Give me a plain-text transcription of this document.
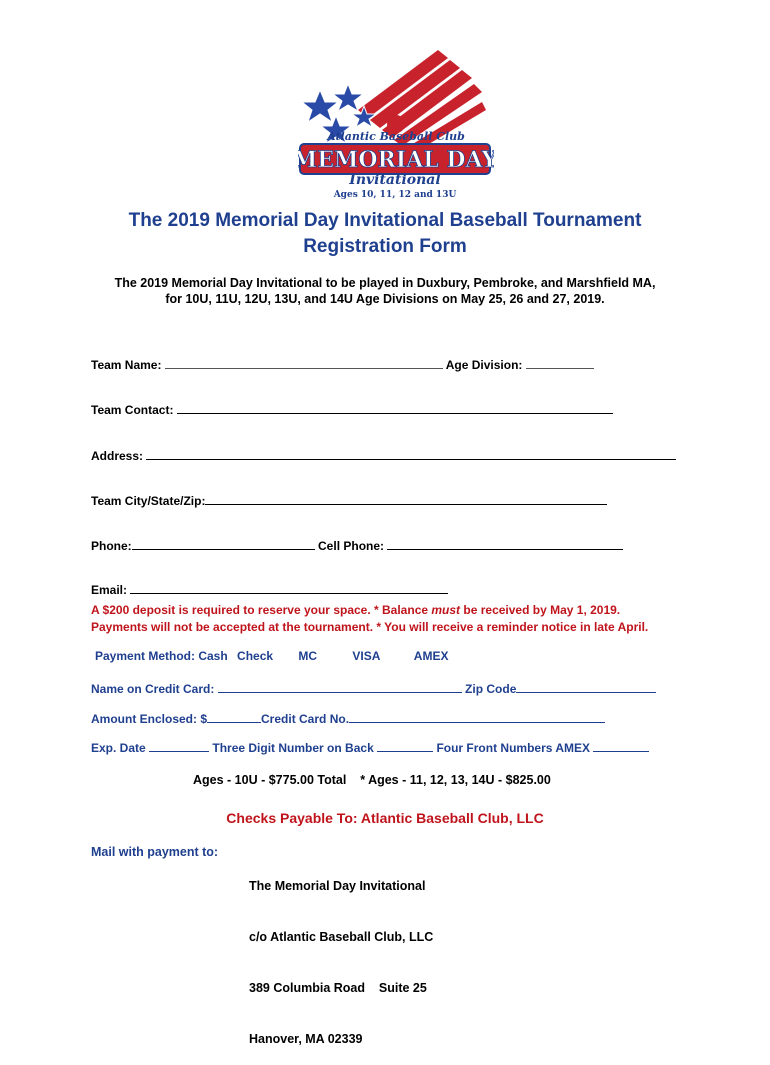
Atlantic Baseball Club
MEMORIAL DAY
Invitational
Ages 10, 11, 12 and 13U
The 2019 Memorial Day Invitational Baseball Tournament
Registration Form
The 2019 Memorial Day Invitational to be played in Duxbury, Pembroke, and Marshfield MA,
for 10U, 11U, 12U, 13U, and 14U Age Divisions on May 25, 26 and 27, 2019.
Team Name:	Age Division:
Team Contact:
Address:
Team City/State/Zip:
Phone:	Cell Phone:
Email:
A $200 deposit is required to reserve your space. * Balance must be received by May 1, 2019.
Payments will not be accepted at the tournament. * You will receive a reminder notice in late April.
Payment Method: Cash Check MC	VISA	AMEX
Name on Credit Card:	Zip Code
Amount Enclosed: $	Credit Card No.
Exp. Date	Three Digit Number on Back	Four Front Numbers AMEX
Ages - 10U - $775.00 Total    * Ages - 11, 12, 13, 14U - $825.00
Checks Payable To: Atlantic Baseball Club, LLC
Mail with payment to:

The Memorial Day Invitational

c/o Atlantic Baseball Club, LLC

389 Columbia Road    Suite 25

Hanover, MA 02339
